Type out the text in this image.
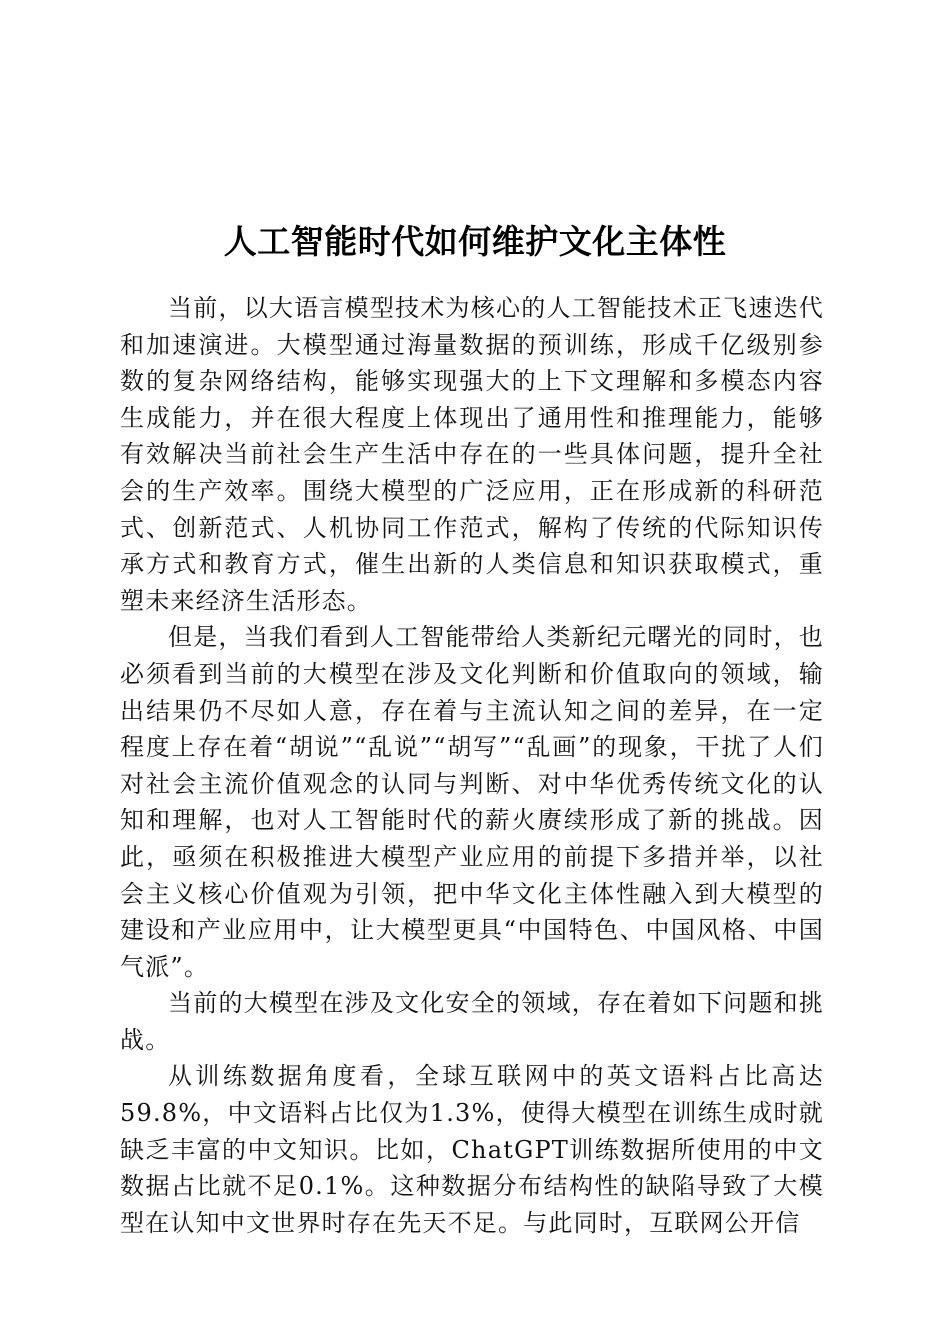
人工智能时代如何维护文化主体性

当前，以大语言模型技术为核心的人工智能技术正飞速迭代和加速演进。大模型通过海量数据的预训练，形成千亿级别参数的复杂网络结构，能够实现强大的上下文理解和多模态内容生成能力，并在很大程度上体现出了通用性和推理能力，能够有效解决当前社会生产生活中存在的一些具体问题，提升全社会的生产效率。围绕大模型的广泛应用，正在形成新的科研范式、创新范式、人机协同工作范式，解构了传统的代际知识传承方式和教育方式，催生出新的人类信息和知识获取模式，重塑未来经济生活形态。

但是，当我们看到人工智能带给人类新纪元曙光的同时，也必须看到当前的大模型在涉及文化判断和价值取向的领域，输出结果仍不尽如人意，存在着与主流认知之间的差异，在一定程度上存在着“胡说”“乱说”“胡写”“乱画”的现象，干扰了人们对社会主流价值观念的认同与判断、对中华优秀传统文化的认知和理解，也对人工智能时代的薪火赓续形成了新的挑战。因此，亟须在积极推进大模型产业应用的前提下多措并举，以社会主义核心价值观为引领，把中华文化主体性融入到大模型的建设和产业应用中，让大模型更具“中国特色、中国风格、中国气派”。

当前的大模型在涉及文化安全的领域，存在着如下问题和挑战。

从训练数据角度看，全球互联网中的英文语料占比高达59.8%，中文语料占比仅为1.3%，使得大模型在训练生成时就缺乏丰富的中文知识。比如，ChatGPT训练数据所使用的中文数据占比就不足0.1%。这种数据分布结构性的缺陷导致了大模型在认知中文世界时存在先天不足。与此同时，互联网公开信
